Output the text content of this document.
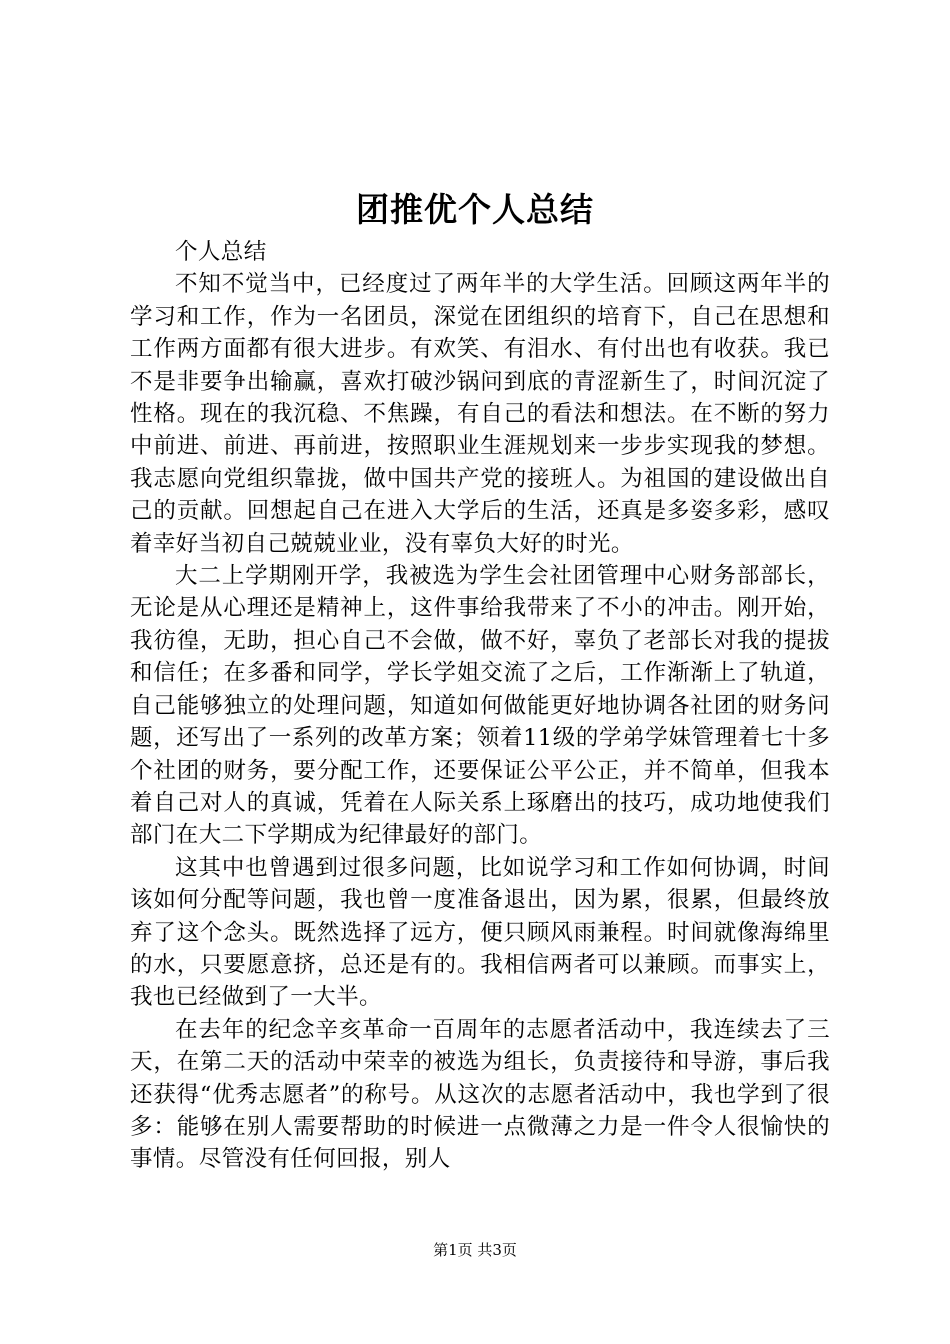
团推优个人总结

个人总结

不知不觉当中，已经度过了两年半的大学生活。回顾这两年半的学习和工作，作为一名团员，深觉在团组织的培育下，自己在思想和工作两方面都有很大进步。有欢笑、有泪水、有付出也有收获。我已不是非要争出输赢，喜欢打破沙锅问到底的青涩新生了，时间沉淀了性格。现在的我沉稳、不焦躁，有自己的看法和想法。在不断的努力中前进、前进、再前进，按照职业生涯规划来一步步实现我的梦想。我志愿向党组织靠拢，做中国共产党的接班人。为祖国的建设做出自己的贡献。回想起自己在进入大学后的生活，还真是多姿多彩，感叹着幸好当初自己兢兢业业，没有辜负大好的时光。

大二上学期刚开学，我被选为学生会社团管理中心财务部部长，无论是从心理还是精神上，这件事给我带来了不小的冲击。刚开始，我彷徨，无助，担心自己不会做，做不好，辜负了老部长对我的提拔和信任；在多番和同学，学长学姐交流了之后，工作渐渐上了轨道，自己能够独立的处理问题，知道如何做能更好地协调各社团的财务问题，还写出了一系列的改革方案；领着11级的学弟学妹管理着七十多个社团的财务，要分配工作，还要保证公平公正，并不简单，但我本着自己对人的真诚，凭着在人际关系上琢磨出的技巧，成功地使我们部门在大二下学期成为纪律最好的部门。

这其中也曾遇到过很多问题，比如说学习和工作如何协调，时间该如何分配等问题，我也曾一度准备退出，因为累，很累，但最终放弃了这个念头。既然选择了远方，便只顾风雨兼程。时间就像海绵里的水，只要愿意挤，总还是有的。我相信两者可以兼顾。而事实上，我也已经做到了一大半。

在去年的纪念辛亥革命一百周年的志愿者活动中，我连续去了三天，在第二天的活动中荣幸的被选为组长，负责接待和导游，事后我还获得“优秀志愿者”的称号。从这次的志愿者活动中，我也学到了很多：能够在别人需要帮助的时候进一点微薄之力是一件令人很愉快的事情。尽管没有任何回报，别人

第1页 共3页
